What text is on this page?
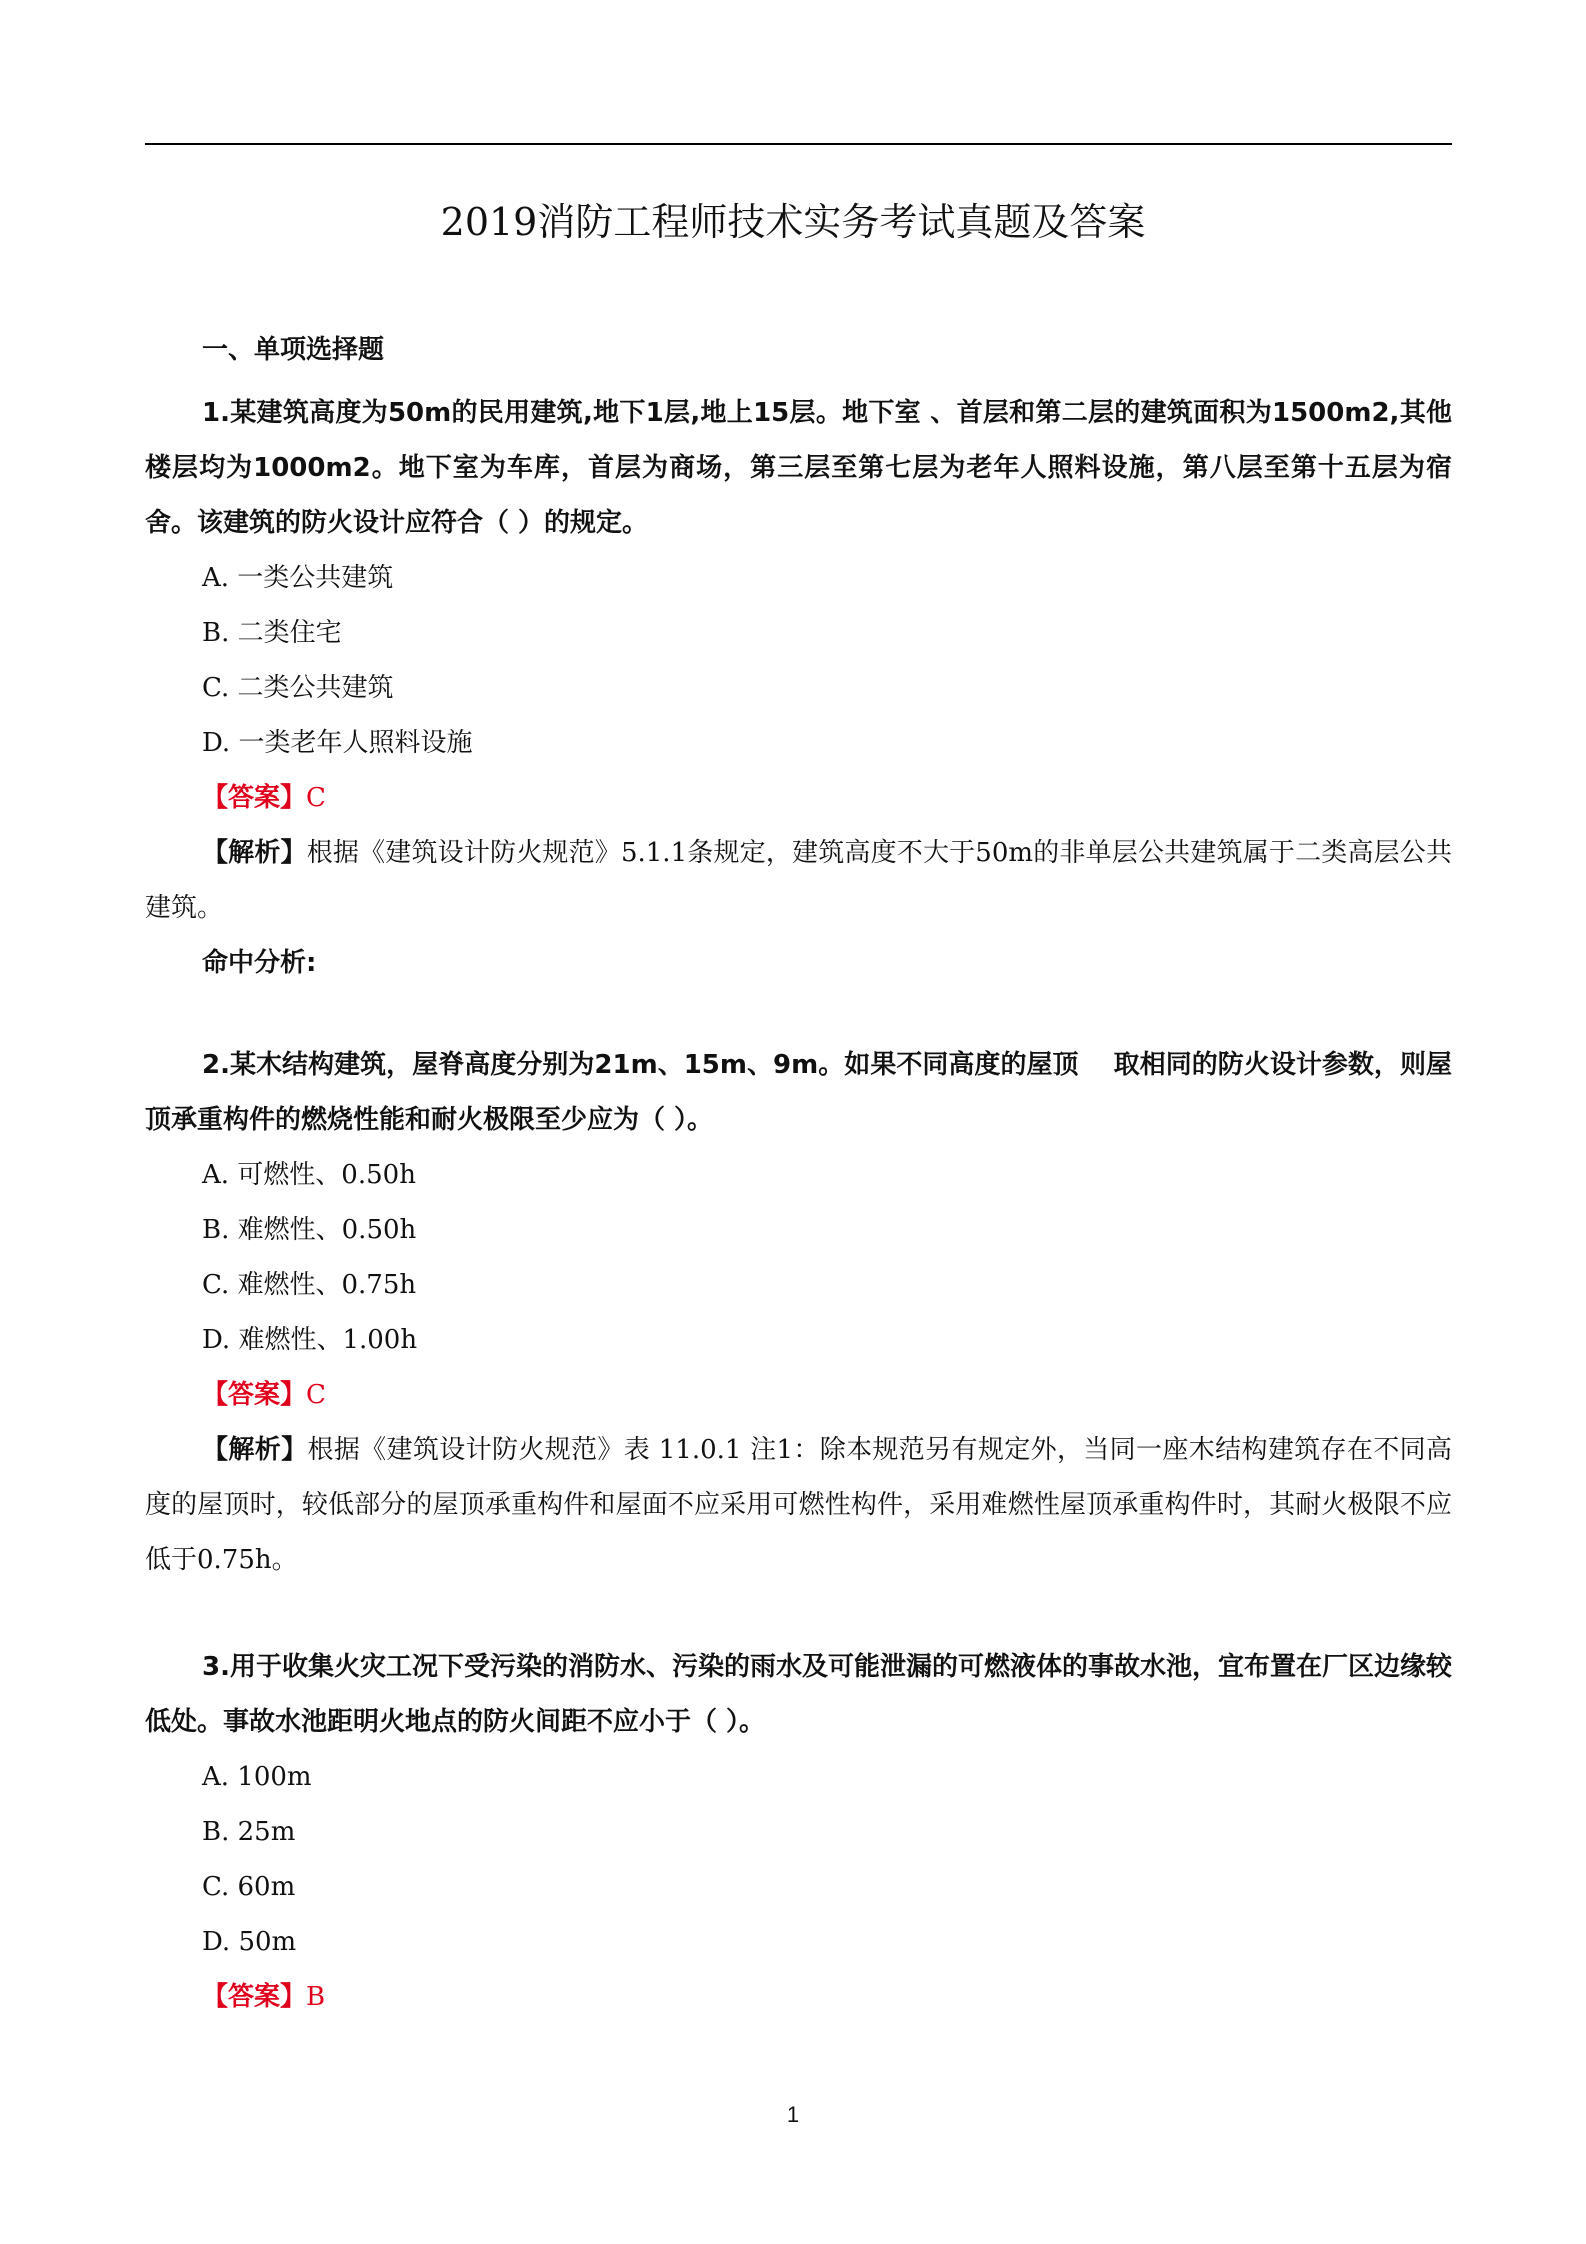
2019消防工程师技术实务考试真题及答案
一、单项选择题

1.某建筑高度为50m的民用建筑,地下1层,地上15层。地下室 、首层和第二层的建筑面积为1500m2,其他楼层均为1000m2。地下室为车库，首层为商场，第三层至第七层为老年人照料设施，第八层至第十五层为宿舍。该建筑的防火设计应符合（ ）的规定。

A. 一类公共建筑

B. 二类住宅

C. 二类公共建筑

D. 一类老年人照料设施

【答案】C

【解析】根据《建筑设计防火规范》5.1.1条规定，建筑高度不大于50m的非单层公共建筑属于二类高层公共建筑。

命中分析:

2.某木结构建筑，屋脊高度分别为21m、15m、9m。如果不同高度的屋顶　 取相同的防火设计参数，则屋顶承重构件的燃烧性能和耐火极限至少应为（ ）。

A. 可燃性、0.50h

B. 难燃性、0.50h

C. 难燃性、0.75h

D. 难燃性、1.00h

【答案】C

【解析】根据《建筑设计防火规范》表 11.0.1 注1：除本规范另有规定外，当同一座木结构建筑存在不同高度的屋顶时，较低部分的屋顶承重构件和屋面不应采用可燃性构件，采用难燃性屋顶承重构件时，其耐火极限不应低于0.75h。

3.用于收集火灾工况下受污染的消防水、污染的雨水及可能泄漏的可燃液体的事故水池，宜布置在厂区边缘较低处。事故水池距明火地点的防火间距不应小于（ ）。

A. 100m

B. 25m

C. 60m

D. 50m

【答案】B

1
